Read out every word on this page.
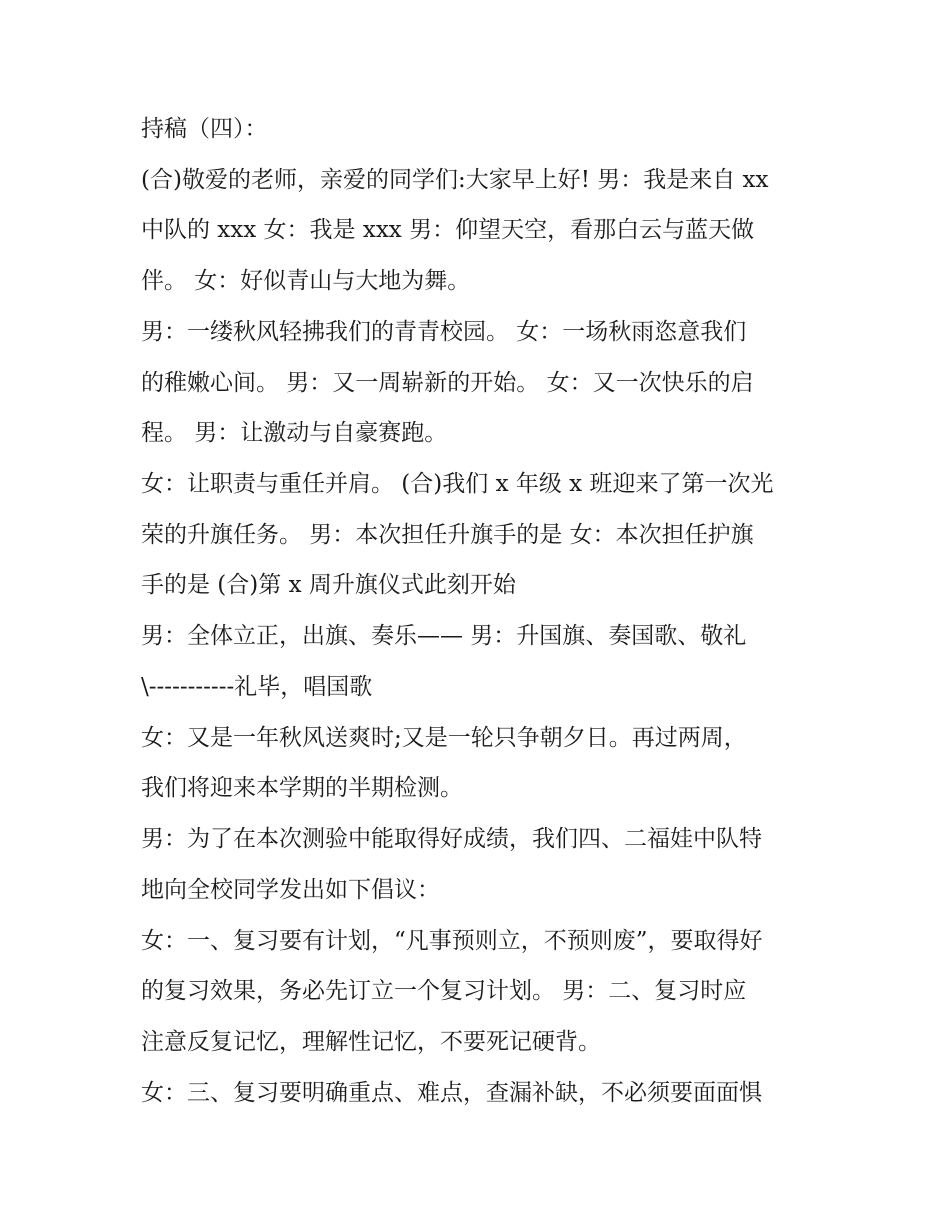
持稿（四）：
(合)敬爱的老师，亲爱的同学们:大家早上好! 男：我是来自 xx
中队的 xxx 女：我是 xxx 男：仰望天空，看那白云与蓝天做
伴。 女：好似青山与大地为舞。
男：一缕秋风轻拂我们的青青校园。 女：一场秋雨恣意我们
的稚嫩心间。 男：又一周崭新的开始。 女：又一次快乐的启
程。 男：让激动与自豪赛跑。
女：让职责与重任并肩。 (合)我们 x 年级 x 班迎来了第一次光
荣的升旗任务。 男：本次担任升旗手的是 女：本次担任护旗
手的是 (合)第 x 周升旗仪式此刻开始
男：全体立正，出旗、奏乐—— 男：升国旗、奏国歌、敬礼
\-----------礼毕，唱国歌
女：又是一年秋风送爽时;又是一轮只争朝夕日。再过两周，
我们将迎来本学期的半期检测。
男：为了在本次测验中能取得好成绩，我们四、二福娃中队特
地向全校同学发出如下倡议：
女：一、复习要有计划，“凡事预则立，不预则废”，要取得好
的复习效果，务必先订立一个复习计划。 男：二、复习时应
注意反复记忆，理解性记忆，不要死记硬背。
女：三、复习要明确重点、难点，查漏补缺，不必须要面面惧
